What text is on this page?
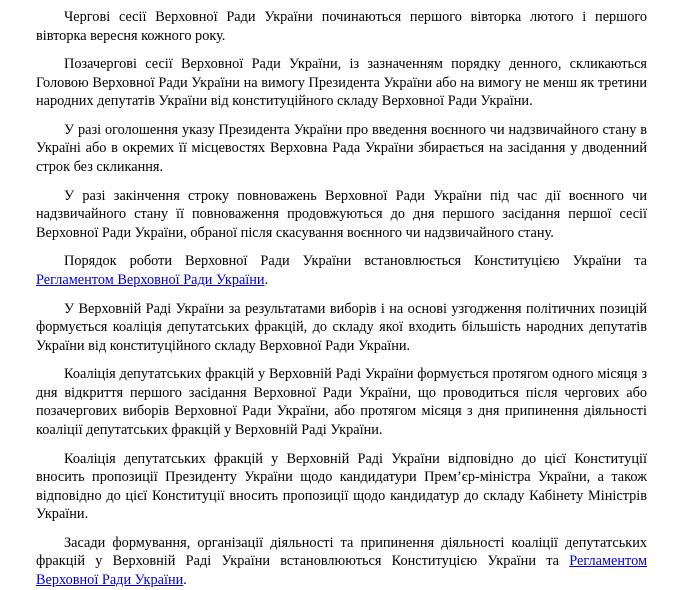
Чергові сесії Верховної Ради України починаються першого вівторка лютого і першого вівторка вересня кожного року.

Позачергові сесії Верховної Ради України, із зазначенням порядку денного, скликаються Головою Верховної Ради України на вимогу Президента України або на вимогу не менш як третини народних депутатів України від конституційного складу Верховної Ради України.

У разі оголошення указу Президента України про введення воєнного чи надзвичайного стану в Україні або в окремих її місцевостях Верховна Рада України збирається на засідання у дводенний строк без скликання.

У разі закінчення строку повноважень Верховної Ради України під час дії воєнного чи надзвичайного стану її повноваження продовжуються до дня першого засідання першої сесії Верховної Ради України, обраної після скасування воєнного чи надзвичайного стану.

Порядок роботи Верховної Ради України встановлюється Конституцією України та Регламентом Верховної Ради України.

У Верховній Раді України за результатами виборів і на основі узгодження політичних позицій формується коаліція депутатських фракцій, до складу якої входить більшість народних депутатів України від конституційного складу Верховної Ради України.

Коаліція депутатських фракцій у Верховній Раді України формується протягом одного місяця з дня відкриття першого засідання Верховної Ради України, що проводиться після чергових або позачергових виборів Верховної Ради України, або протягом місяця з дня припинення діяльності коаліції депутатських фракцій у Верховній Раді України.

Коаліція депутатських фракцій у Верховній Раді України відповідно до цієї Конституції вносить пропозиції Президенту України щодо кандидатури Прем’єр-міністра України, а також відповідно до цієї Конституції вносить пропозиції щодо кандидатур до складу Кабінету Міністрів України.

Засади формування, організації діяльності та припинення діяльності коаліції депутатських фракцій у Верховній Раді України встановлюються Конституцією України та Регламентом Верховної Ради України.
